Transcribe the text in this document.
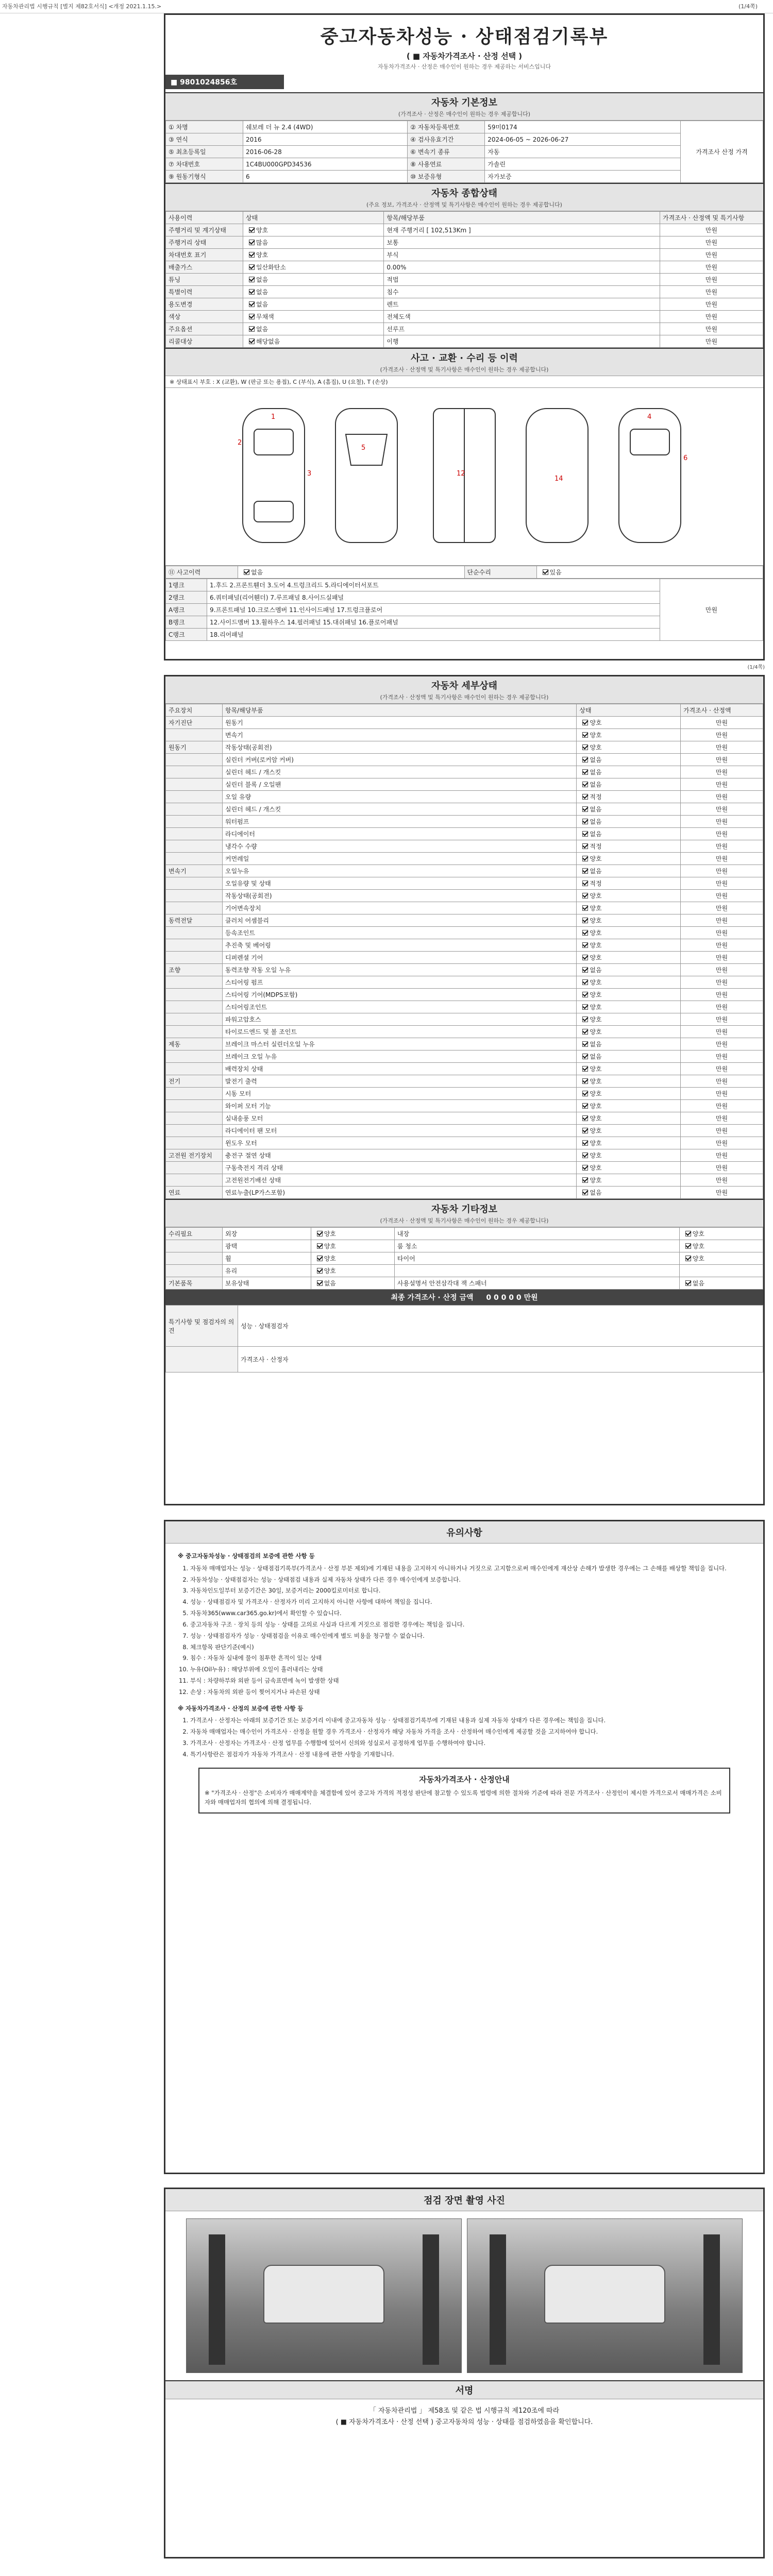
자동차관리법 시행규칙 [별지 제82호서식] <개정 2021.1.15.>	(1/4쪽)
중고자동차성능 · 상태점검기록부
( ■ 자동차가격조사 · 산정 선택 )
자동차가격조사 · 산정은 매수인이 원하는 경우 제공하는 서비스입니다
■ 9801024856호
자동차 기본정보
(가격조사 · 산정은 매수인이 원하는 경우 제공합니다)
① 차명	쉐보레 더 뉴 2.4 (4WD)	② 자동차등록번호	59미0174	가격조사 산정 가격
③ 연식	2016	④ 검사유효기간	2024-06-05 ~ 2026-06-27	
⑤ 최초등록일	2016-06-28	⑥ 변속기 종류	자동	
⑦ 차대번호	1C4BU000GPD34536	⑧ 사용연료	가솔린	
⑨ 원동기형식	6	⑩ 보증유형	자가보증	
자동차 종합상태
(주요 정보, 가격조사 · 산정액 및 특기사항은 매수인이 원하는 경우 제공합니다)
사용이력	상태	항목/해당부품	가격조사 · 산정액 및 특기사항
주행거리 및 계기상태	양호	현재 주행거리 [ 102,513Km ]	만원
주행거리 상태	많음	보통	만원
차대번호 표기	양호	부식	만원
배출가스	일산화탄소	0.00%	만원
튜닝	없음	적법	만원
특별이력	없음	침수	만원
용도변경	없음	렌트	만원
색상	무채색	전체도색	만원
주요옵션	없음	선루프	만원
리콜대상	해당없음	이행	만원
사고 · 교환 · 수리 등 이력
(가격조사 · 산정액 및 특기사항은 매수인이 원하는 경우 제공합니다)
※ 상태표시 부호 : X (교환), W (판금 또는 용접), C (부식), A (흠집), U (요철), T (손상)
1
2
3
5
12
14
4
6
⑪ 사고이력	없음	단순수리	있음
1랭크	1.후드 2.프론트휀더 3.도어 4.트렁크리드 5.라디에이터서포트	만원
2랭크	6.쿼터패널(리어휀더) 7.루프패널 8.사이드실패널	
A랭크	9.프론트패널 10.크로스멤버 11.인사이드패널 17.트렁크플로어	
B랭크	12.사이드멤버 13.휠하우스 14.필러패널 15.대쉬패널 16.플로어패널	
C랭크	18.리어패널	
(1/4쪽)
자동차 세부상태
(가격조사 · 산정액 및 특기사항은 매수인이 원하는 경우 제공합니다)
주요장치	항목/해당부품	상태	가격조사 · 산정액
자기진단	원동기	양호	만원
	변속기	양호	만원
원동기	작동상태(공회전)	양호	만원
	실린더 커버(로커암 커버)	없음	만원
	실린더 헤드 / 개스킷	없음	만원
	실린더 블록 / 오일팬	없음	만원
	오일 유량	적정	만원
	실린더 헤드 / 개스킷	없음	만원
	워터펌프	없음	만원
	라디에이터	없음	만원
	냉각수 수량	적정	만원
	커먼레일	양호	만원
변속기	오일누유	없음	만원
	오일유량 및 상태	적정	만원
	작동상태(공회전)	양호	만원
	기어변속장치	양호	만원
동력전달	클러치 어셈블리	양호	만원
	등속조인트	양호	만원
	추진축 및 베어링	양호	만원
	디퍼렌셜 기어	양호	만원
조향	동력조향 작동 오일 누유	없음	만원
	스티어링 펌프	양호	만원
	스티어링 기어(MDPS포함)	양호	만원
	스티어링조인트	양호	만원
	파워고압호스	양호	만원
	타이로드엔드 및 볼 조인트	양호	만원
제동	브레이크 마스터 실린더오일 누유	없음	만원
	브레이크 오일 누유	없음	만원
	배력장치 상태	양호	만원
전기	발전기 출력	양호	만원
	시동 모터	양호	만원
	와이퍼 모터 기능	양호	만원
	실내송풍 모터	양호	만원
	라디에이터 팬 모터	양호	만원
	윈도우 모터	양호	만원
고전원 전기장치	충전구 절연 상태	양호	만원
	구동축전지 격리 상태	양호	만원
	고전원전기배선 상태	양호	만원
연료	연료누출(LP가스포함)	없음	만원
자동차 기타정보
(가격조사 · 산정액 및 특기사항은 매수인이 원하는 경우 제공합니다)
수리필요	외장	양호	내장	양호
	광택	양호	룸 청소	양호
	휠	양호	타이어	양호
	유리	양호		
기본품목	보유상태	없음	사용설명서 안전삼각대 잭 스패너	없음
최종 가격조사 · 산정 금액 0 0 0 0 0 만원
특기사항 및 점검자의 의견	성능 · 상태점검자
	가격조사 · 산정자
유의사항
※ 중고자동차성능 · 상태점검의 보증에 관한 사항 등
1. 자동차 매매업자는 성능 · 상태점검기록부(가격조사 · 산정 부분 제외)에 기재된 내용을 고지하지 아니하거나 거짓으로 고지함으로써 매수인에게 재산상 손해가 발생한 경우에는 그 손해를 배상할 책임을 집니다.
2. 자동차성능 · 상태점검자는 성능 · 상태점검 내용과 실제 자동차 상태가 다른 경우 매수인에게 보증합니다.
3. 자동차인도일부터 보증기간은 30일, 보증거리는 2000킬로미터로 합니다.
4. 성능 · 상태점검자 및 가격조사 · 산정자가 미리 고지하지 아니한 사항에 대하여 책임을 집니다.
5. 자동차365(www.car365.go.kr)에서 확인할 수 있습니다.
6. 중고자동차 구조 · 장치 등의 성능 · 상태를 고의로 사실과 다르게 거짓으로 점검한 경우에는 책임을 집니다.
7. 성능 · 상태점검자가 성능 · 상태점검을 이유로 매수인에게 별도 비용을 청구할 수 없습니다.
8. 체크항목 판단기준(예시)
9. 침수 : 자동차 실내에 물이 침투한 흔적이 있는 상태
10. 누유(Oil누유) : 해당부위에 오일이 흘러내리는 상태
11. 부식 : 차량하부와 외판 등이 금속표면에 녹이 발생한 상태
12. 손상 : 자동차의 외판 등이 찢어지거나 파손된 상태
※ 자동차가격조사 · 산정의 보증에 관한 사항 등
1. 가격조사 · 산정자는 아래의 보증기간 또는 보증거리 이내에 중고자동차 성능 · 상태점검기록부에 기재된 내용과 실제 자동차 상태가 다른 경우에는 책임을 집니다.
2. 자동차 매매업자는 매수인이 가격조사 · 산정을 원할 경우 가격조사 · 산정자가 해당 자동차 가격을 조사 · 산정하여 매수인에게 제공할 것을 고지하여야 합니다.
3. 가격조사 · 산정자는 가격조사 · 산정 업무를 수행함에 있어서 신의와 성실로서 공정하게 업무를 수행하여야 합니다.
4. 특기사항란은 점검자가 자동차 가격조사 · 산정 내용에 관한 사항을 기재합니다.
자동차가격조사 · 산정안내
※ "가격조사 · 산정"은 소비자가 매매계약을 체결함에 있어 중고차 가격의 적정성 판단에 참고할 수 있도록 법령에 의한 절차와 기준에 따라 전문 가격조사 · 산정인이 제시한 가격으로서 매매가격은 소비자와 매매업자의 협의에 의해 결정됩니다.
점검 장면 촬영 사진
서명
「 자동차관리법 」 제58조 및 같은 법 시행규칙 제120조에 따라
( ■ 자동차가격조사 · 산정 선택 ) 중고자동차의 성능 · 상태를 점검하였음을 확인합니다.
